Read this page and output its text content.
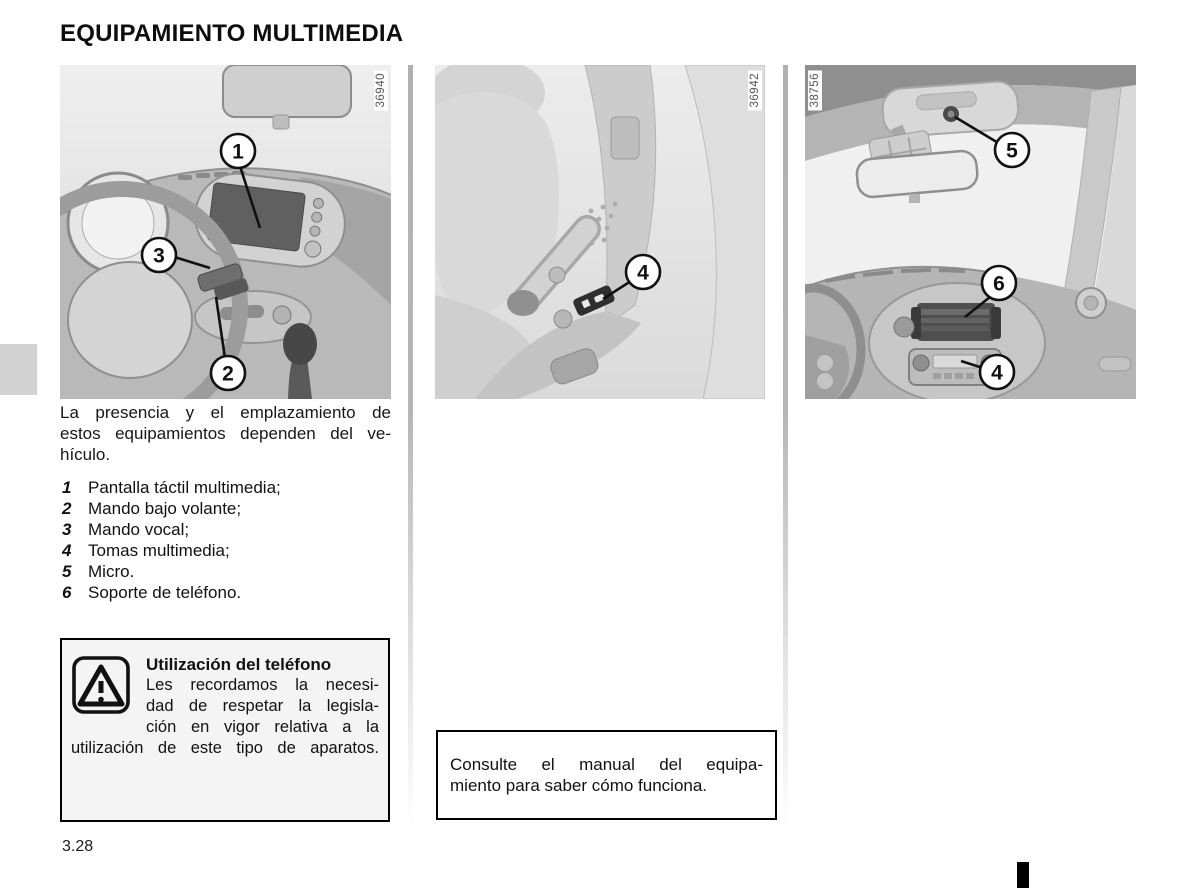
EQUIPAMIENTO MULTIMEDIA
1
3
2
36940
4
36942
5
6
4
38756
La presencia y el emplazamiento de
estos equipamientos dependen del ve-
hículo.
1 Pantalla táctil multimedia;
2 Mando bajo volante;
3 Mando vocal;
4 Tomas multimedia;
5 Micro.
6 Soporte de teléfono.
Utilización del teléfono
Les recordamos la necesi-
dad de respetar la legisla-
ción en vigor relativa a la
utilización de este tipo de aparatos.
Consulte el manual del equipa-
miento para saber cómo funciona.
3.28
